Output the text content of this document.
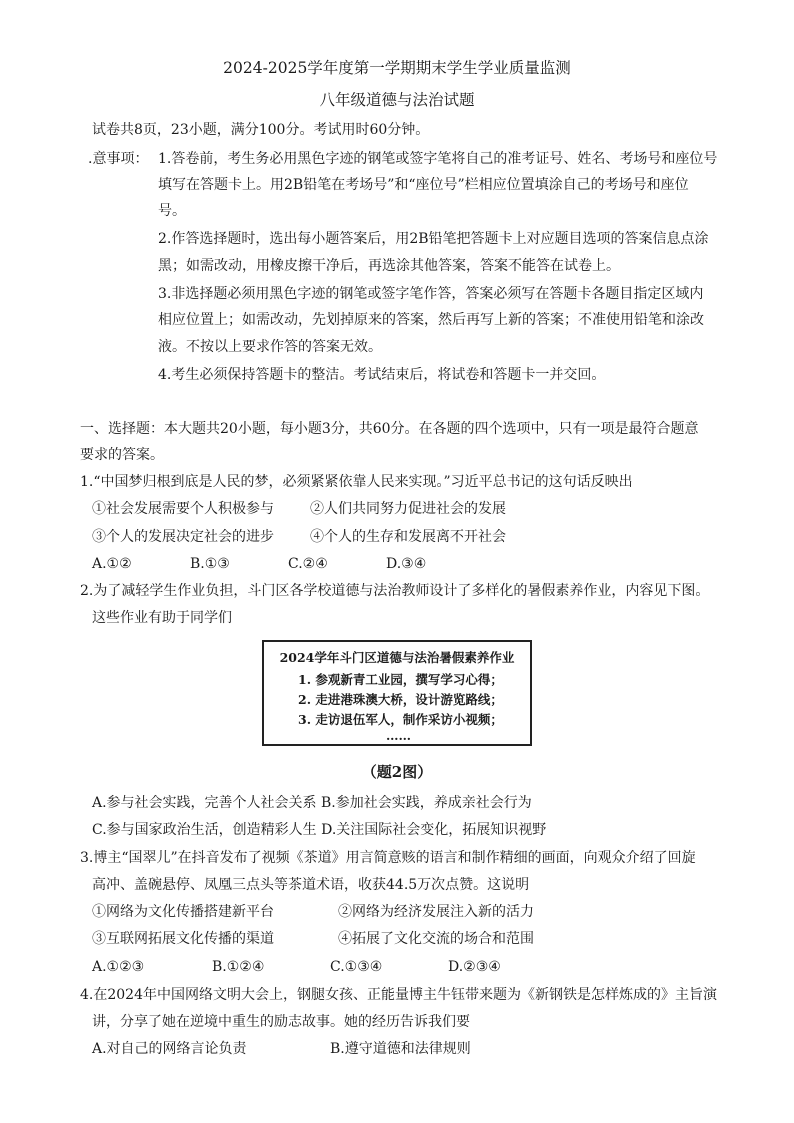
2024-2025学年度第一学期期末学生学业质量监测
八年级道德与法治试题
试卷共8页，23小题，满分100分。考试用时60分钟。
.意事项： 1.答卷前，考生务必用黑色字迹的钢笔或签字笔将自己的准考证号、姓名、考场号和座位号
填写在答题卡上。用2B铅笔在考场号”和“座位号”栏相应位置填涂自己的考场号和座位
号。
2.作答选择题时，选出每小题答案后，用2B铅笔把答题卡上对应题目选项的答案信息点涂
黑；如需改动，用橡皮擦干净后，再选涂其他答案，答案不能答在试卷上。
3.非选择题必须用黑色字迹的钢笔或签字笔作答，答案必须写在答题卡各题目指定区域内
相应位置上；如需改动，先划掉原来的答案，然后再写上新的答案；不准使用铅笔和涂改
液。不按以上要求作答的答案无效。
4.考生必须保持答题卡的整洁。考试结束后，将试卷和答题卡一并交回。
一、选择题：本大题共20小题，每小题3分，共60分。在各题的四个选项中，只有一项是最符合题意
要求的答案。
1.“中国梦归根到底是人民的梦，必须紧紧依靠人民来实现。”习近平总书记的这句话反映出
①社会发展需要个人积极参与	②人们共同努力促进社会的发展
③个人的发展决定社会的进步	④个人的生存和发展离不开社会
A.①②	B.①③	C.②④	D.③④
2.为了减轻学生作业负担，斗门区各学校道德与法治教师设计了多样化的暑假素养作业，内容见下图。
这些作业有助于同学们
2024学年斗门区道德与法治暑假素养作业
1. 参观新青工业园，撰写学习心得；
2. 走进港珠澳大桥，设计游览路线；
3. 走访退伍军人，制作采访小视频；
……
（题2图）
A.参与社会实践，完善个人社会关系 B.参加社会实践，养成亲社会行为
C.参与国家政治生活，创造精彩人生 D.关注国际社会变化，拓展知识视野
3.博主“国翠儿”在抖音发布了视频《茶道》用言简意赅的语言和制作精细的画面，向观众介绍了回旋
高冲、盖碗悬停、凤凰三点头等茶道术语，收获44.5万次点赞。这说明
①网络为文化传播搭建新平台	②网络为经济发展注入新的活力
③互联网拓展文化传播的渠道	④拓展了文化交流的场合和范围
A.①②③	B.①②④	C.①③④	D.②③④
4.在2024年中国网络文明大会上，钢腿女孩、正能量博主牛钰带来题为《新钢铁是怎样炼成的》主旨演
讲，分享了她在逆境中重生的励志故事。她的经历告诉我们要
A.对自己的网络言论负责	B.遵守道德和法律规则
